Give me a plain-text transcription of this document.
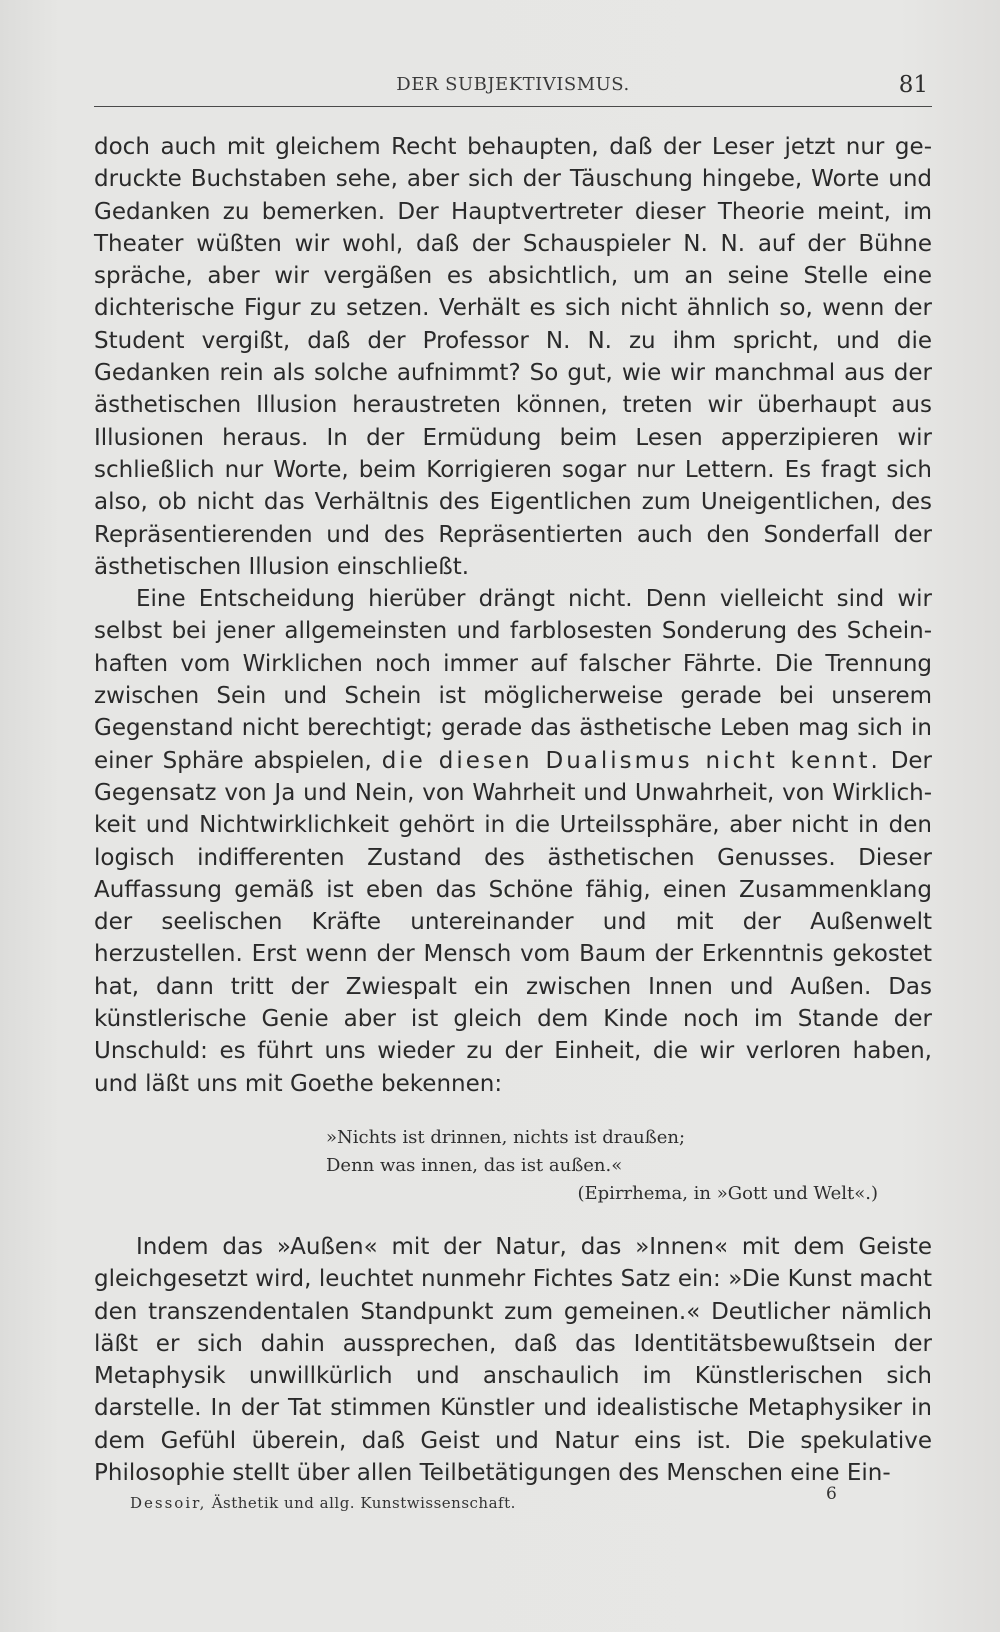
DER SUBJEKTIVISMUS.	81

doch auch mit gleichem Recht behaupten, daß der Leser jetzt nur gedruckte Buchstaben sehe, aber sich der Täuschung hingebe, Worte und Gedanken zu bemerken. Der Hauptvertreter dieser Theorie meint, im Theater wüßten wir wohl, daß der Schauspieler N. N. auf der Bühne spräche, aber wir vergäßen es absichtlich, um an seine Stelle eine dichterische Figur zu setzen. Verhält es sich nicht ähnlich so, wenn der Student vergißt, daß der Professor N. N. zu ihm spricht, und die Gedanken rein als solche aufnimmt? So gut, wie wir manchmal aus der ästhetischen Illusion heraustreten können, treten wir überhaupt aus Illusionen heraus. In der Ermüdung beim Lesen apperzipieren wir schließlich nur Worte, beim Korrigieren sogar nur Lettern. Es fragt sich also, ob nicht das Verhältnis des Eigentlichen zum Uneigentlichen, des Repräsentierenden und des Repräsentierten auch den Sonderfall der ästhetischen Illusion einschließt.

Eine Entscheidung hierüber drängt nicht. Denn vielleicht sind wir selbst bei jener allgemeinsten und farblosesten Sonderung des Scheinhaften vom Wirklichen noch immer auf falscher Fährte. Die Trennung zwischen Sein und Schein ist möglicherweise gerade bei unserem Gegenstand nicht berechtigt; gerade das ästhetische Leben mag sich in einer Sphäre abspielen, die diesen Dualismus nicht kennt. Der Gegensatz von Ja und Nein, von Wahrheit und Unwahrheit, von Wirklichkeit und Nichtwirklichkeit gehört in die Urteilssphäre, aber nicht in den logisch indifferenten Zustand des ästhetischen Genusses. Dieser Auffassung gemäß ist eben das Schöne fähig, einen Zusammenklang der seelischen Kräfte untereinander und mit der Außenwelt herzustellen. Erst wenn der Mensch vom Baum der Erkenntnis gekostet hat, dann tritt der Zwiespalt ein zwischen Innen und Außen. Das künstlerische Genie aber ist gleich dem Kinde noch im Stande der Unschuld: es führt uns wieder zu der Einheit, die wir verloren haben, und läßt uns mit Goethe bekennen:

»Nichts ist drinnen, nichts ist draußen;
Denn was innen, das ist außen.«
(Epirrhema, in »Gott und Welt«.)

Indem das »Außen« mit der Natur, das »Innen« mit dem Geiste gleichgesetzt wird, leuchtet nunmehr Fichtes Satz ein: »Die Kunst macht den transzendentalen Standpunkt zum gemeinen.« Deutlicher nämlich läßt er sich dahin aussprechen, daß das Identitätsbewußtsein der Metaphysik unwillkürlich und anschaulich im Künstlerischen sich darstelle. In der Tat stimmen Künstler und idealistische Metaphysiker in dem Gefühl überein, daß Geist und Natur eins ist. Die spekulative Philosophie stellt über allen Teilbetätigungen des Menschen eine Ein-

Dessoir, Ästhetik und allg. Kunstwissenschaft.	6
